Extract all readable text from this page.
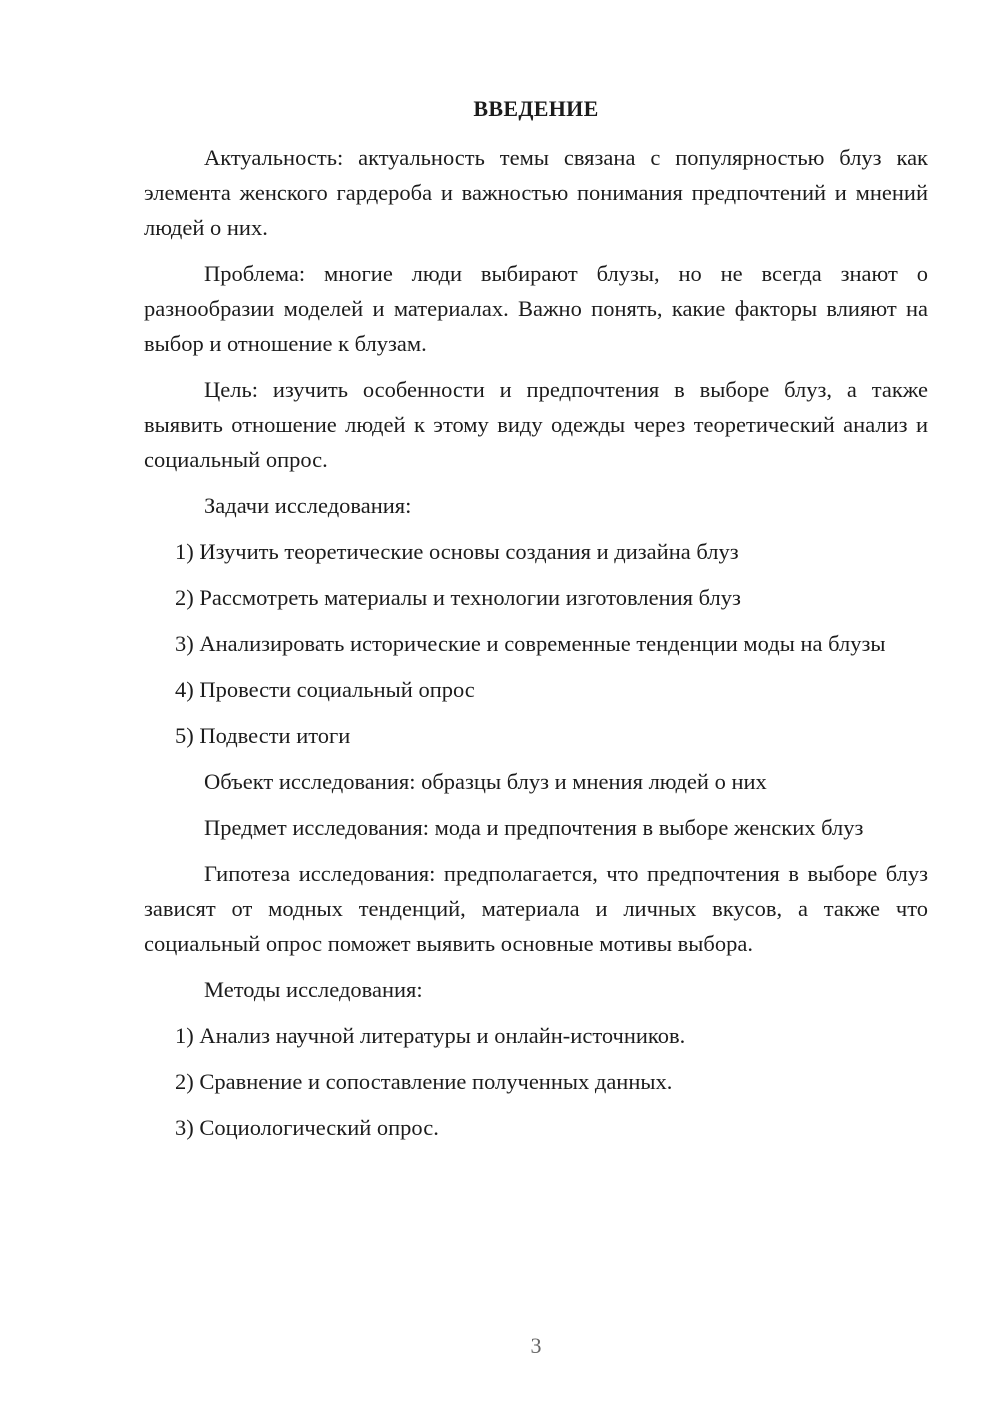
ВВЕДЕНИЕ

Актуальность: актуальность темы связана с популярностью блуз как элемента женского гардероба и важностью понимания предпочтений и мнений людей о них.

Проблема: многие люди выбирают блузы, но не всегда знают о разнообразии моделей и материалах. Важно понять, какие факторы влияют на выбор и отношение к блузам.

Цель: изучить особенности и предпочтения в выборе блуз, а также выявить отношение людей к этому виду одежды через теоретический анализ и социальный опрос.

Задачи исследования:

1) Изучить теоретические основы создания и дизайна блуз

2) Рассмотреть материалы и технологии изготовления блуз

3) Анализировать исторические и современные тенденции моды на блузы

4) Провести социальный опрос

5) Подвести итоги

Объект исследования: образцы блуз и мнения людей о них

Предмет исследования: мода и предпочтения в выборе женских блуз

Гипотеза исследования: предполагается, что предпочтения в выборе блуз зависят от модных тенденций, материала и личных вкусов, а также что социальный опрос поможет выявить основные мотивы выбора.

Методы исследования:

1) Анализ научной литературы и онлайн-источников.

2) Сравнение и сопоставление полученных данных.

3) Социологический опрос.

3
